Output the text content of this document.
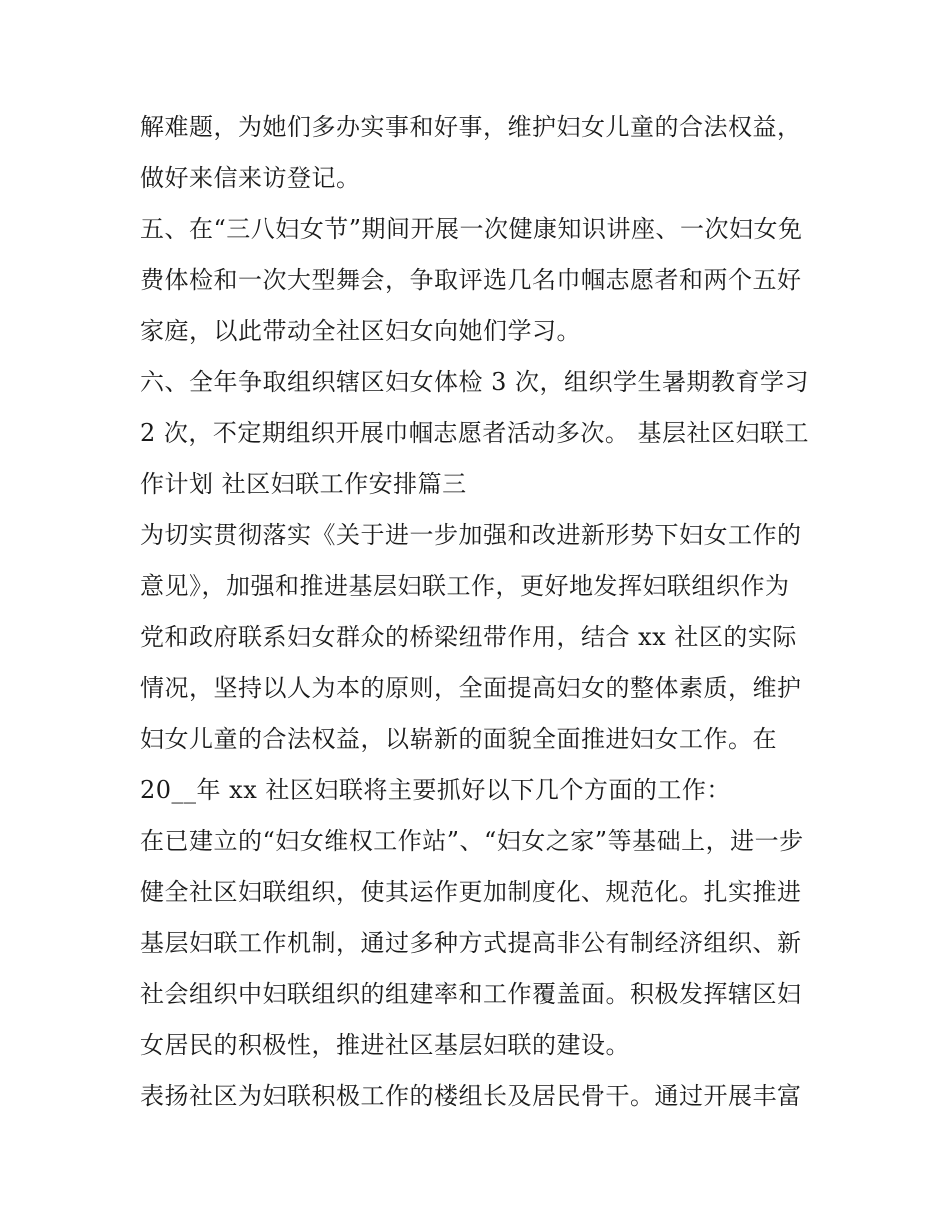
解难题，为她们多办实事和好事，维护妇女儿童的合法权益，
做好来信来访登记。
五、在“三八妇女节”期间开展一次健康知识讲座、一次妇女免
费体检和一次大型舞会，争取评选几名巾帼志愿者和两个五好
家庭，以此带动全社区妇女向她们学习。
六、全年争取组织辖区妇女体检 3 次，组织学生暑期教育学习
2 次，不定期组织开展巾帼志愿者活动多次。 基层社区妇联工
作计划 社区妇联工作安排篇三
为切实贯彻落实《关于进一步加强和改进新形势下妇女工作的
意见》，加强和推进基层妇联工作，更好地发挥妇联组织作为
党和政府联系妇女群众的桥梁纽带作用，结合 xx 社区的实际
情况，坚持以人为本的原则，全面提高妇女的整体素质，维护
妇女儿童的合法权益，以崭新的面貌全面推进妇女工作。在
20__年 xx 社区妇联将主要抓好以下几个方面的工作：
在已建立的“妇女维权工作站”、“妇女之家”等基础上，进一步
健全社区妇联组织，使其运作更加制度化、规范化。扎实推进
基层妇联工作机制，通过多种方式提高非公有制经济组织、新
社会组织中妇联组织的组建率和工作覆盖面。积极发挥辖区妇
女居民的积极性，推进社区基层妇联的建设。
表扬社区为妇联积极工作的楼组长及居民骨干。通过开展丰富
